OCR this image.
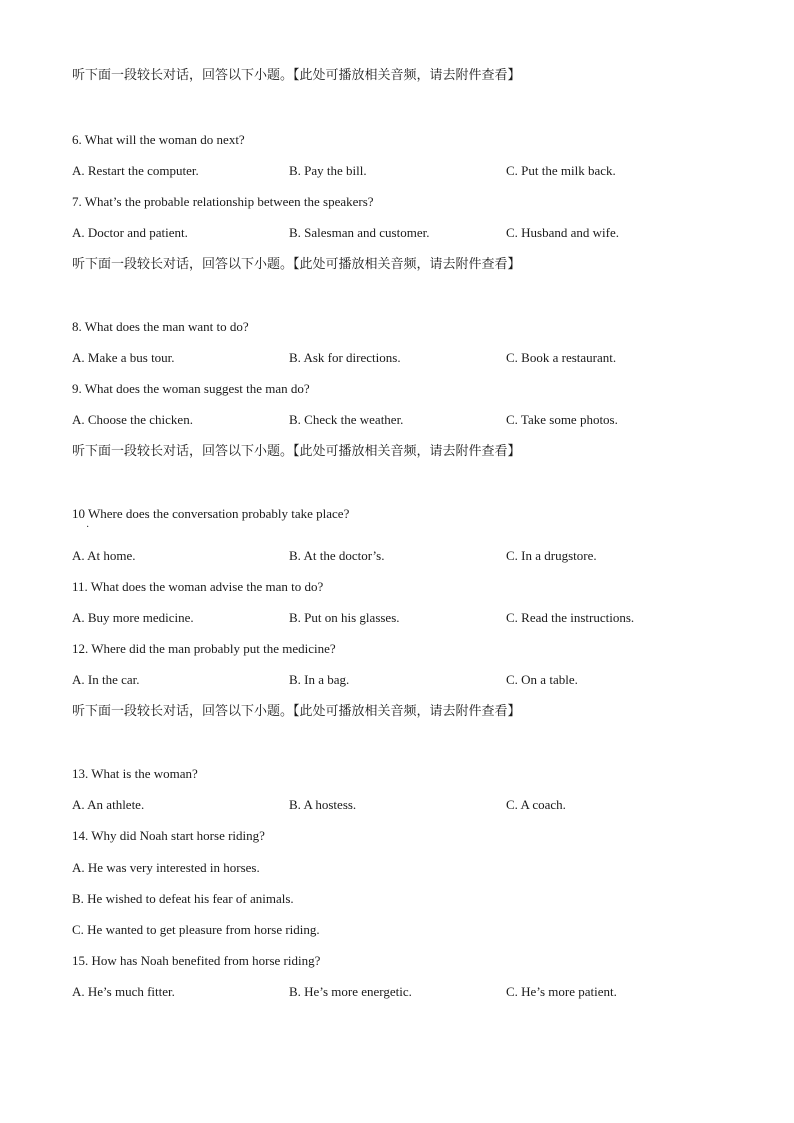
听下面一段较长对话，回答以下小题。【此处可播放相关音频，请去附件查看】
6. What will the woman do next?
A. Restart the computer.	B. Pay the bill.	C. Put the milk back.
7. What’s the probable relationship between the speakers?
A. Doctor and patient.	B. Salesman and customer.	C. Husband and wife.
听下面一段较长对话，回答以下小题。【此处可播放相关音频，请去附件查看】
8. What does the man want to do?
A. Make a bus tour.	B. Ask for directions.	C. Book a restaurant.
9. What does the woman suggest the man do?
A. Choose the chicken.	B. Check the weather.	C. Take some photos.
听下面一段较长对话，回答以下小题。【此处可播放相关音频，请去附件查看】
10 Where does the conversation probably take place?
·
A. At home.	B. At the doctor’s.	C. In a drugstore.
11. What does the woman advise the man to do?
A. Buy more medicine.	B. Put on his glasses.	C. Read the instructions.
12. Where did the man probably put the medicine?
A. In the car.	B. In a bag.	C. On a table.
听下面一段较长对话，回答以下小题。【此处可播放相关音频，请去附件查看】
13. What is the woman?
A. An athlete.	B. A hostess.	C. A coach.
14. Why did Noah start horse riding?
A. He was very interested in horses.
B. He wished to defeat his fear of animals.
C. He wanted to get pleasure from horse riding.
15. How has Noah benefited from horse riding?
A. He’s much fitter.	B. He’s more energetic.	C. He’s more patient.
